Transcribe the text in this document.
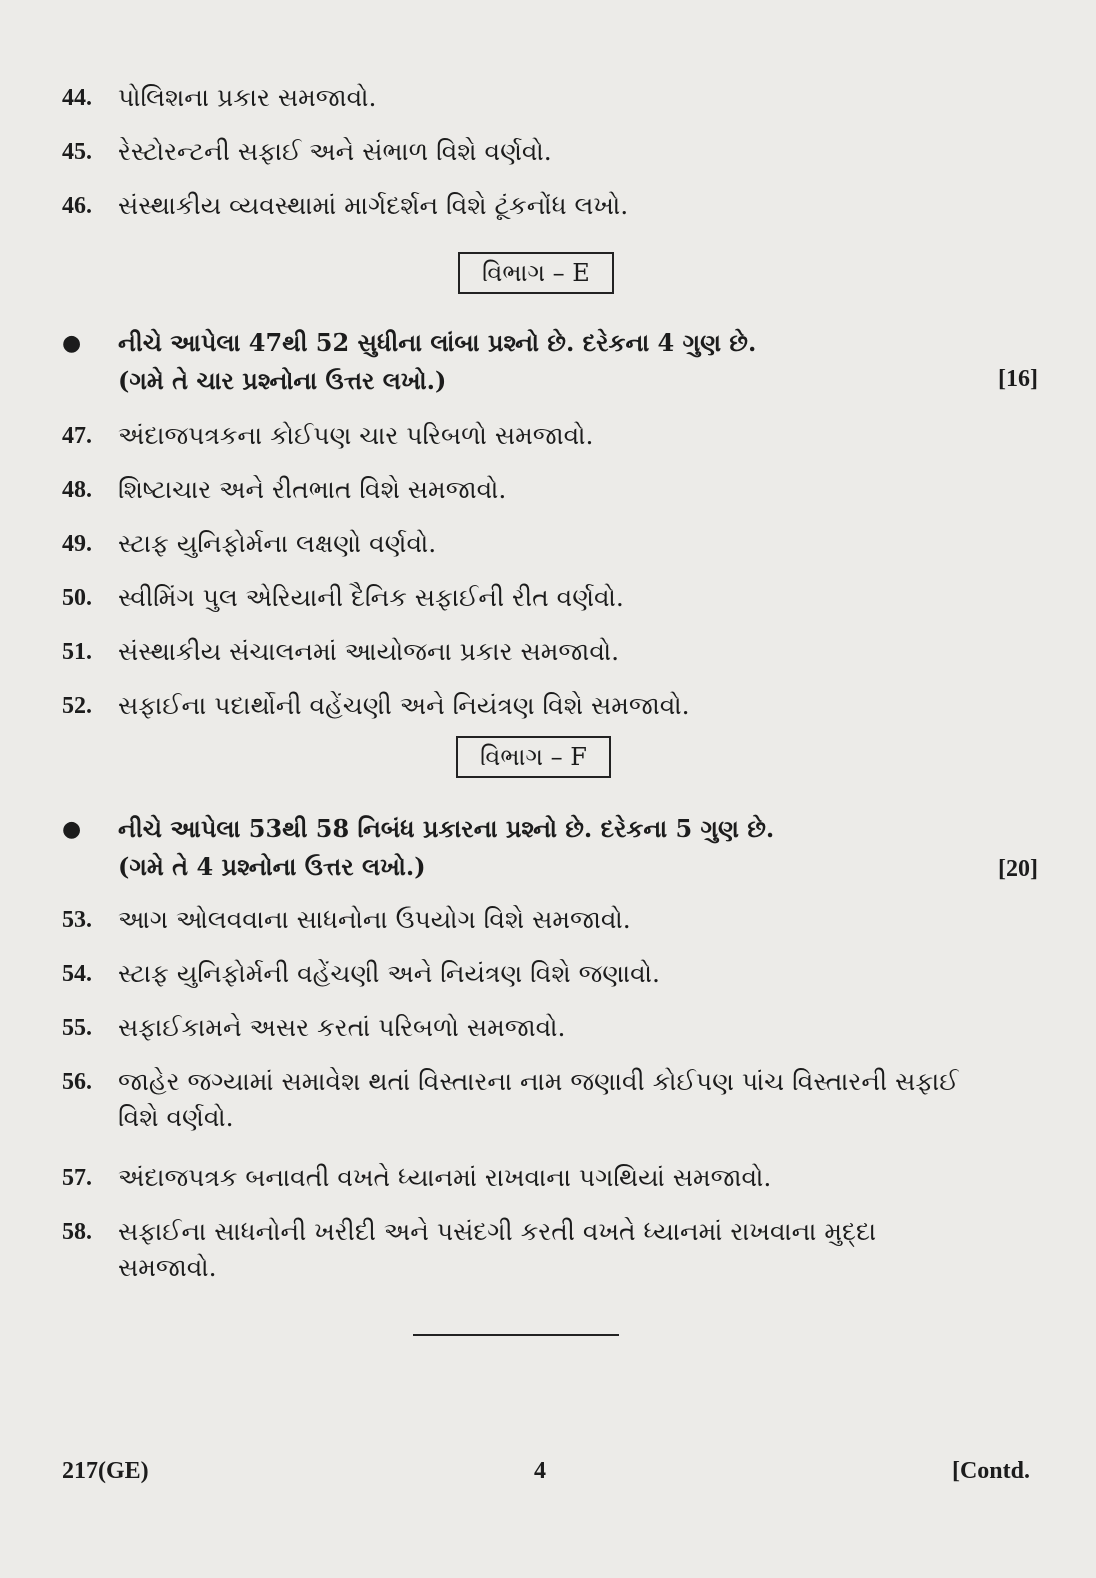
44.	પોલિશના પ્રકાર સમજાવો.
45.	રેસ્ટોરન્ટની સફાઈ અને સંભાળ વિશે વર્ણવો.
46.	સંસ્થાકીય વ્યવસ્થામાં માર્ગદર્શન વિશે ટૂંકનોંધ લખો.
વિભાગ – E
●	નીચે આપેલા 47થી 52 સુધીના લાંબા પ્રશ્નો છે. દરેકના 4 ગુણ છે.
(ગમે તે ચાર પ્રશ્નોના ઉત્તર લખો.)	[16]
47.	અંદાજપત્રકના કોઈપણ ચાર પરિબળો સમજાવો.
48.	શિષ્ટાચાર અને રીતભાત વિશે સમજાવો.
49.	સ્ટાફ યુનિફોર્મના લક્ષણો વર્ણવો.
50.	સ્વીમિંગ પુલ એરિયાની દૈનિક સફાઈની રીત વર્ણવો.
51.	સંસ્થાકીય સંચાલનમાં આયોજના પ્રકાર સમજાવો.
52.	સફાઈના પદાર્થોની વહેંચણી અને નિયંત્રણ વિશે સમજાવો.
વિભાગ – F
●	નીચે આપેલા 53થી 58 નિબંધ પ્રકારના પ્રશ્નો છે. દરેકના 5 ગુણ છે.
(ગમે તે 4 પ્રશ્નોના ઉત્તર લખો.)	[20]
53.	આગ ઓલવવાના સાધનોના ઉપયોગ વિશે સમજાવો.
54.	સ્ટાફ યુનિફોર્મની વહેંચણી અને નિયંત્રણ વિશે જણાવો.
55.	સફાઈકામને અસર કરતાં પરિબળો સમજાવો.
56.	જાહેર જગ્યામાં સમાવેશ થતાં વિસ્તારના નામ જણાવી કોઈપણ પાંચ વિસ્તારની સફાઈ વિશે વર્ણવો.
57.	અંદાજપત્રક બનાવતી વખતે ધ્યાનમાં રાખવાના પગથિયાં સમજાવો.
58.	સફાઈના સાધનોની ખરીદી અને પસંદગી કરતી વખતે ધ્યાનમાં રાખવાના મુદ્દા સમજાવો.
217(GE)	4	[Contd.
